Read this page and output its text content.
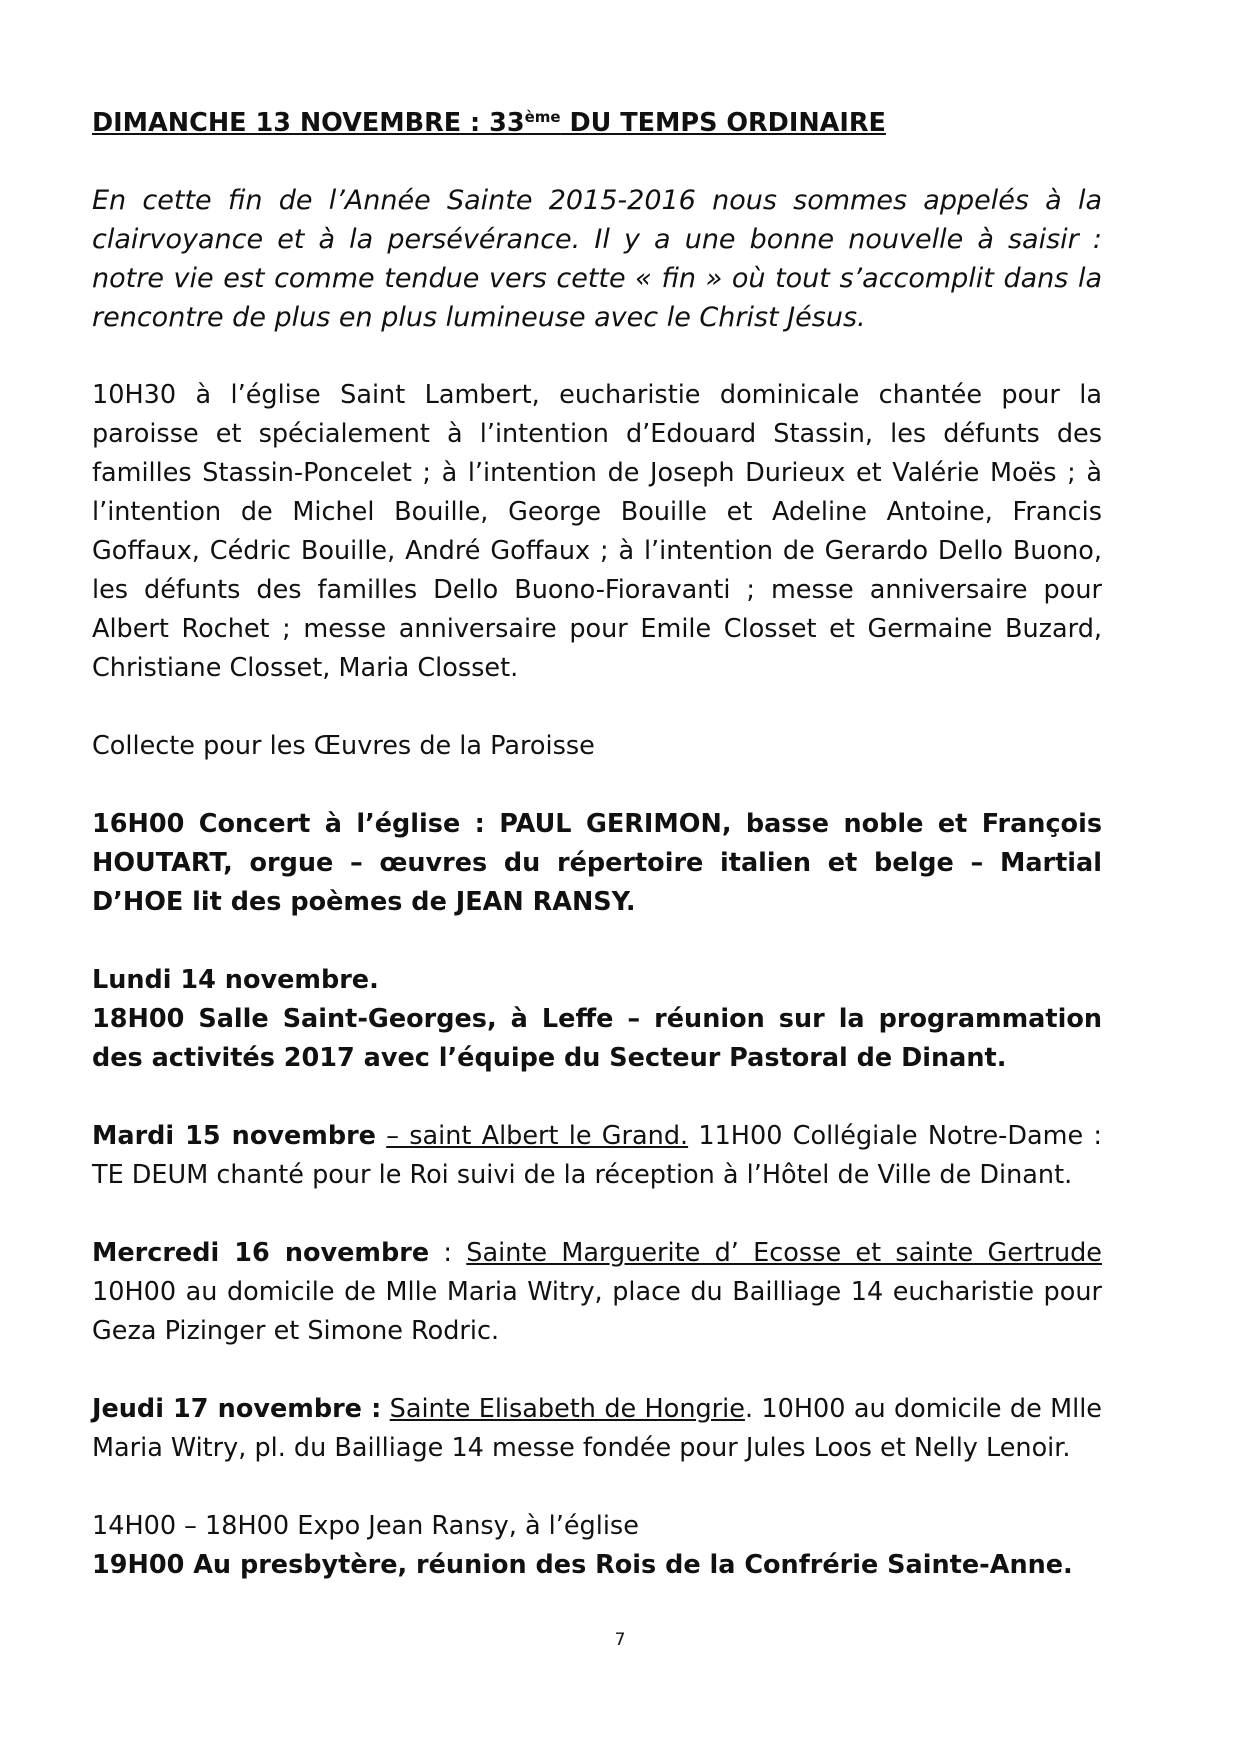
DIMANCHE 13 NOVEMBRE : 33ème DU TEMPS ORDINAIRE

En cette fin de l’Année Sainte 2015-2016 nous sommes appelés à la clairvoyance et à la persévérance. Il y a une bonne nouvelle à saisir : notre vie est comme tendue vers cette « fin » où tout s’accomplit dans la rencontre de plus en plus lumineuse avec le Christ Jésus.

10H30 à l’église Saint Lambert, eucharistie dominicale chantée pour la paroisse et spécialement à l’intention d’Edouard Stassin, les défunts des familles Stassin-Poncelet ; à l’intention de Joseph Durieux et Valérie Moës ; à l’intention de Michel Bouille, George Bouille et Adeline Antoine, Francis Goffaux, Cédric Bouille, André Goffaux ; à l’intention de Gerardo Dello Buono, les défunts des familles Dello Buono-Fioravanti ; messe anniversaire pour Albert Rochet ; messe anniversaire pour Emile Closset et Germaine Buzard, Christiane Closset, Maria Closset.

Collecte pour les Œuvres de la Paroisse

16H00 Concert à l’église : PAUL GERIMON, basse noble et François HOUTART, orgue – œuvres du répertoire italien et belge – Martial D’HOE lit des poèmes de JEAN RANSY.

Lundi 14 novembre.

18H00 Salle Saint-Georges, à Leffe – réunion sur la programmation des activités 2017 avec l’équipe du Secteur Pastoral de Dinant.

Mardi 15 novembre – saint Albert le Grand. 11H00 Collégiale Notre-Dame : TE DEUM chanté pour le Roi suivi de la réception à l’Hôtel de Ville de Dinant.

Mercredi 16 novembre : Sainte Marguerite d’ Ecosse et sainte Gertrude 10H00 au domicile de Mlle Maria Witry, place du Bailliage 14 eucharistie pour Geza Pizinger et Simone Rodric.

Jeudi 17 novembre : Sainte Elisabeth de Hongrie. 10H00 au domicile de Mlle Maria Witry, pl. du Bailliage 14 messe fondée pour Jules Loos et Nelly Lenoir.

14H00 – 18H00 Expo Jean Ransy, à l’église

19H00 Au presbytère, réunion des Rois de la Confrérie Sainte-Anne.

7
